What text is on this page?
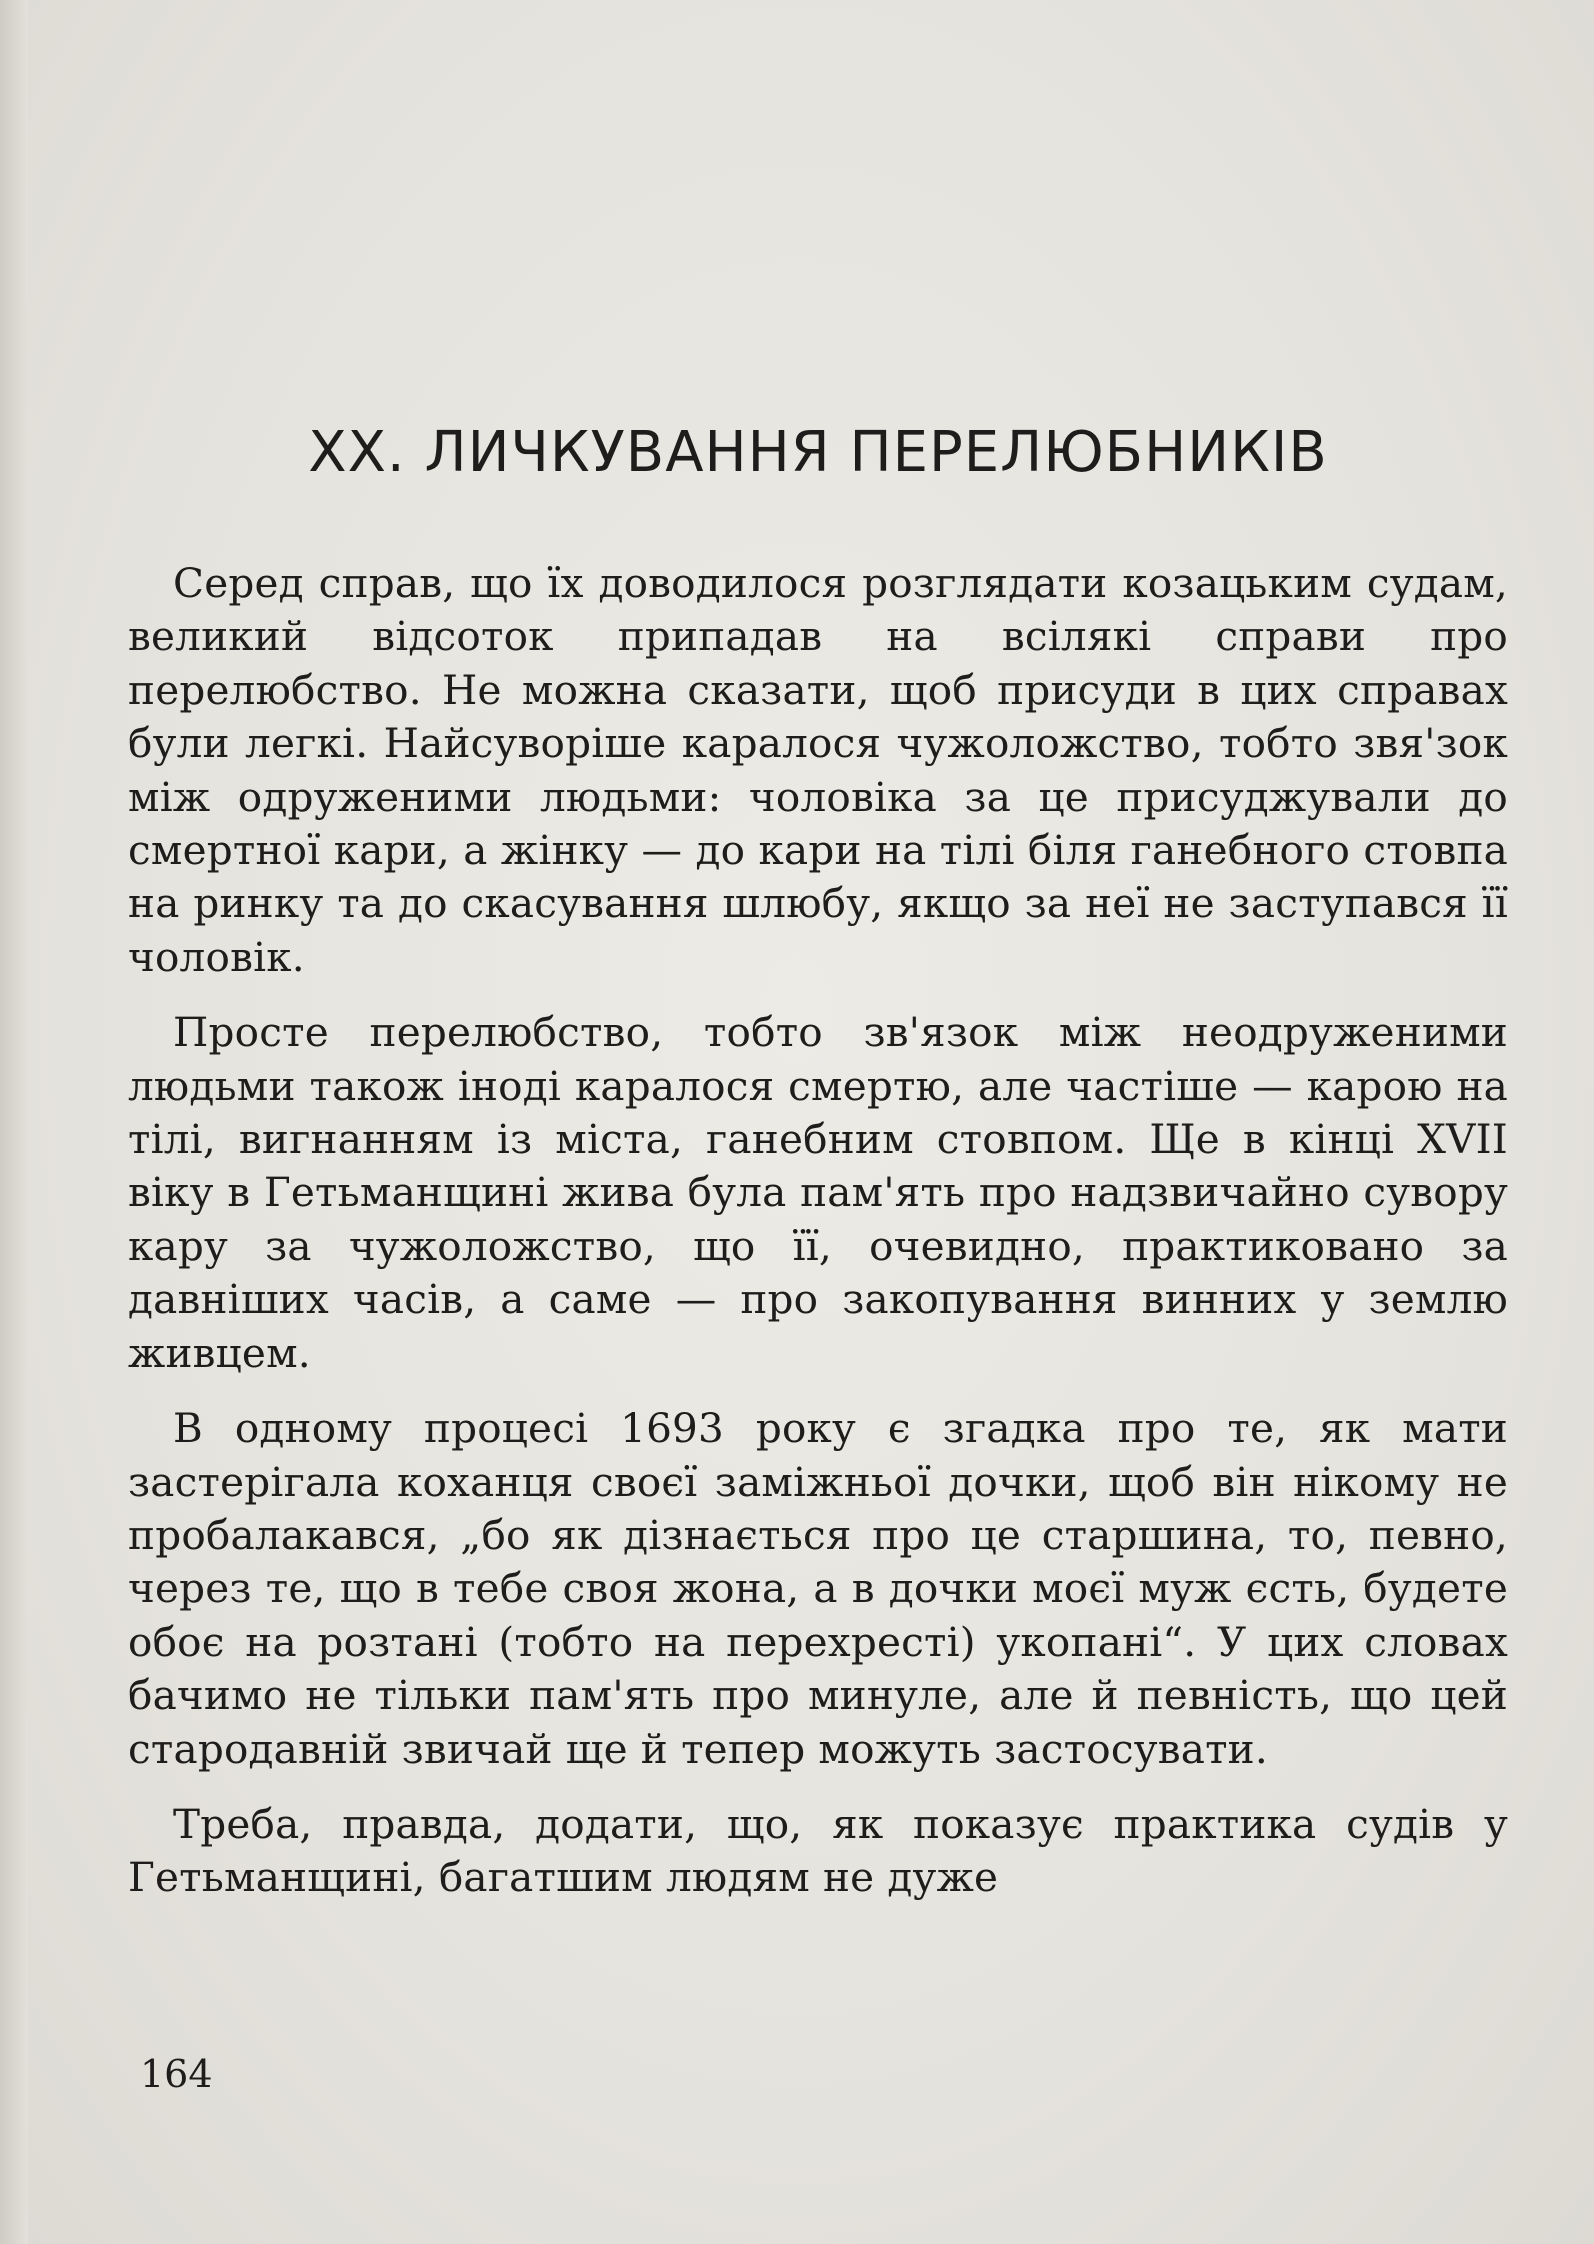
XX. ЛИЧКУВАННЯ ПЕРЕЛЮБНИКІВ

Серед справ, що їх доводилося розглядати козацьким судам, великий відсоток припадав на всілякі справи про перелюбство. Не можна сказати, щоб присуди в цих справах були легкі. Найсуворіше каралося чужоложство, тобто звя'зок між одруженими людьми: чоловіка за це присуджували до смертної кари, а жінку — до кари на тілі біля ганебного стовпа на ринку та до скасування шлюбу, якщо за неї не заступався її чоловік.

Просте перелюбство, тобто зв'язок між неодруженими людьми також іноді каралося смертю, але частіше — карою на тілі, вигнанням із міста, ганебним стовпом. Ще в кінці XVII віку в Гетьманщині жива була пам'ять про надзвичайно сувору кару за чужоложство, що її, очевидно, практиковано за давніших часів, а саме — про закопування винних у землю живцем.

В одному процесі 1693 року є згадка про те, як мати застерігала коханця своєї заміжньої дочки, щоб він нікому не пробалакався, „бо як дізнається про це старшина, то, певно, через те, що в тебе своя жона, а в дочки моєї муж єсть, будете обоє на розтані (тобто на перехресті) укопані“. У цих словах бачимо не тільки пам'ять про минуле, але й певність, що цей стародавній звичай ще й тепер можуть застосувати.

Треба, правда, додати, що, як показує практика судів у Гетьманщині, багатшим людям не дуже

164
